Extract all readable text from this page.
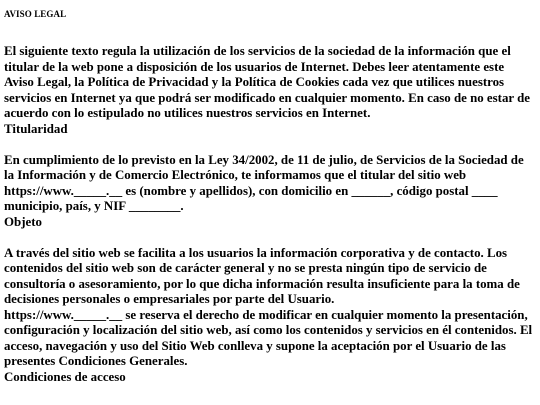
AVISO LEGAL

El siguiente texto regula la utilización de los servicios de la sociedad de la información que el titular de la web pone a disposición de los usuarios de Internet. Debes leer atentamente este Aviso Legal, la Política de Privacidad y la Política de Cookies cada vez que utilices nuestros servicios en Internet ya que podrá ser modificado en cualquier momento. En caso de no estar de acuerdo con lo estipulado no utilices nuestros servicios en Internet.

Titularidad

En cumplimiento de lo previsto en la Ley 34/2002, de 11 de julio, de Servicios de la Sociedad de la Información y de Comercio Electrónico, te informamos que el titular del sitio web https://www._____.__ es (nombre y apellidos), con domicilio en ______, código postal ____ municipio, país, y NIF ________.

Objeto

A través del sitio web se facilita a los usuarios la información corporativa y de contacto. Los contenidos del sitio web son de carácter general y no se presta ningún tipo de servicio de consultoría o asesoramiento, por lo que dicha información resulta insuficiente para la toma de decisiones personales o empresariales por parte del Usuario.

https://www._____.__ se reserva el derecho de modificar en cualquier momento la presentación, configuración y localización del sitio web, así como los contenidos y servicios en él contenidos. El acceso, navegación y uso del Sitio Web conlleva y supone la aceptación por el Usuario de las presentes Condiciones Generales.

Condiciones de acceso
